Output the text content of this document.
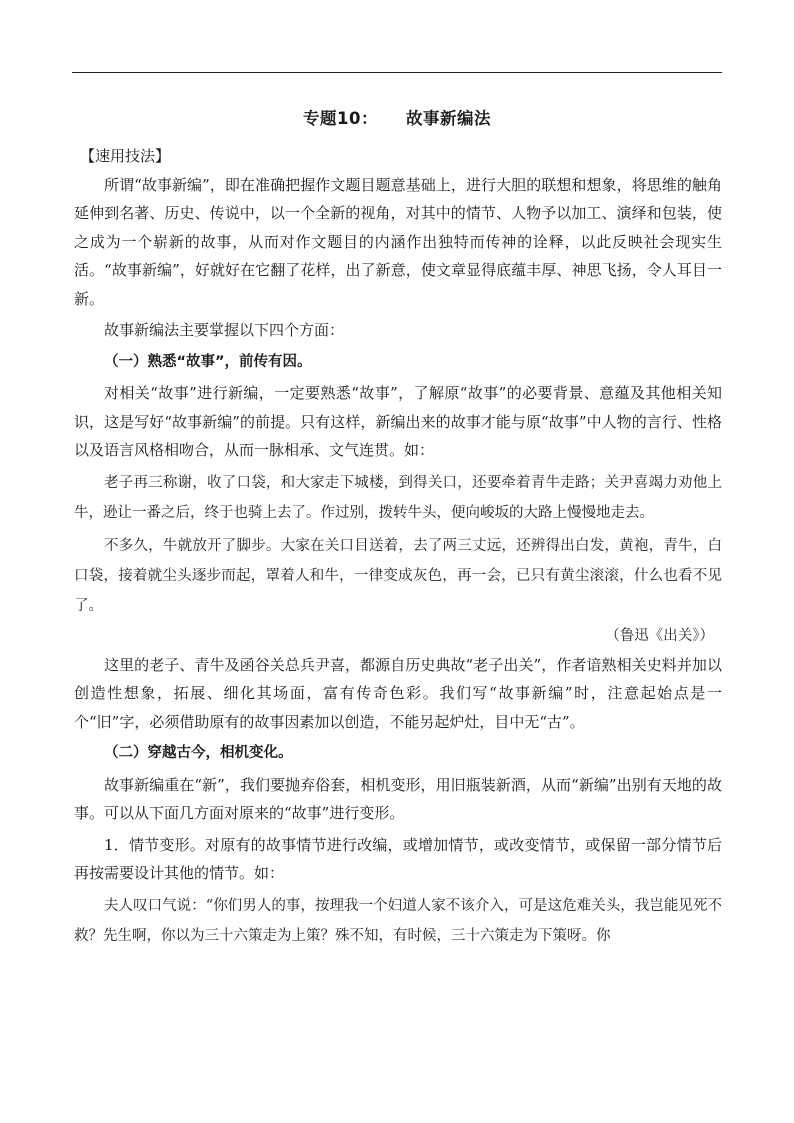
专题10： 故事新编法

【速用技法】

所谓“故事新编”，即在准确把握作文题目题意基础上，进行大胆的联想和想象，将思维的触角延伸到名著、历史、传说中，以一个全新的视角，对其中的情节、人物予以加工、演绎和包装，使之成为一个崭新的故事，从而对作文题目的内涵作出独特而传神的诠释，以此反映社会现实生活。“故事新编”，好就好在它翻了花样，出了新意，使文章显得底蕴丰厚、神思飞扬，令人耳目一新。

故事新编法主要掌握以下四个方面：

（一）熟悉“故事”，前传有因。

对相关“故事”进行新编，一定要熟悉“故事”，了解原“故事”的必要背景、意蕴及其他相关知识，这是写好“故事新编”的前提。只有这样，新编出来的故事才能与原“故事”中人物的言行、性格以及语言风格相吻合，从而一脉相承、文气连贯。如：

老子再三称谢，收了口袋，和大家走下城楼，到得关口，还要牵着青牛走路；关尹喜竭力劝他上牛，逊让一番之后，终于也骑上去了。作过别，拨转牛头，便向峻坂的大路上慢慢地走去。

不多久，牛就放开了脚步。大家在关口目送着，去了两三丈远，还辨得出白发，黄袍，青牛，白口袋，接着就尘头逐步而起，罩着人和牛，一律变成灰色，再一会，已只有黄尘滚滚，什么也看不见了。

（鲁迅《出关》）

这里的老子、青牛及函谷关总兵尹喜，都源自历史典故“老子出关”，作者谙熟相关史料并加以创造性想象，拓展、细化其场面，富有传奇色彩。我们写“故事新编”时，注意起始点是一个“旧”字，必须借助原有的故事因素加以创造，不能另起炉灶，目中无“古”。

（二）穿越古今，相机变化。

故事新编重在“新”，我们要抛弃俗套，相机变形，用旧瓶装新酒，从而“新编”出别有天地的故事。可以从下面几方面对原来的“故事”进行变形。

1．情节变形。对原有的故事情节进行改编，或增加情节，或改变情节，或保留一部分情节后再按需要设计其他的情节。如：

夫人叹口气说：“你们男人的事，按理我一个妇道人家不该介入，可是这危难关头，我岂能见死不救？先生啊，你以为三十六策走为上策？殊不知，有时候，三十六策走为下策呀。你
